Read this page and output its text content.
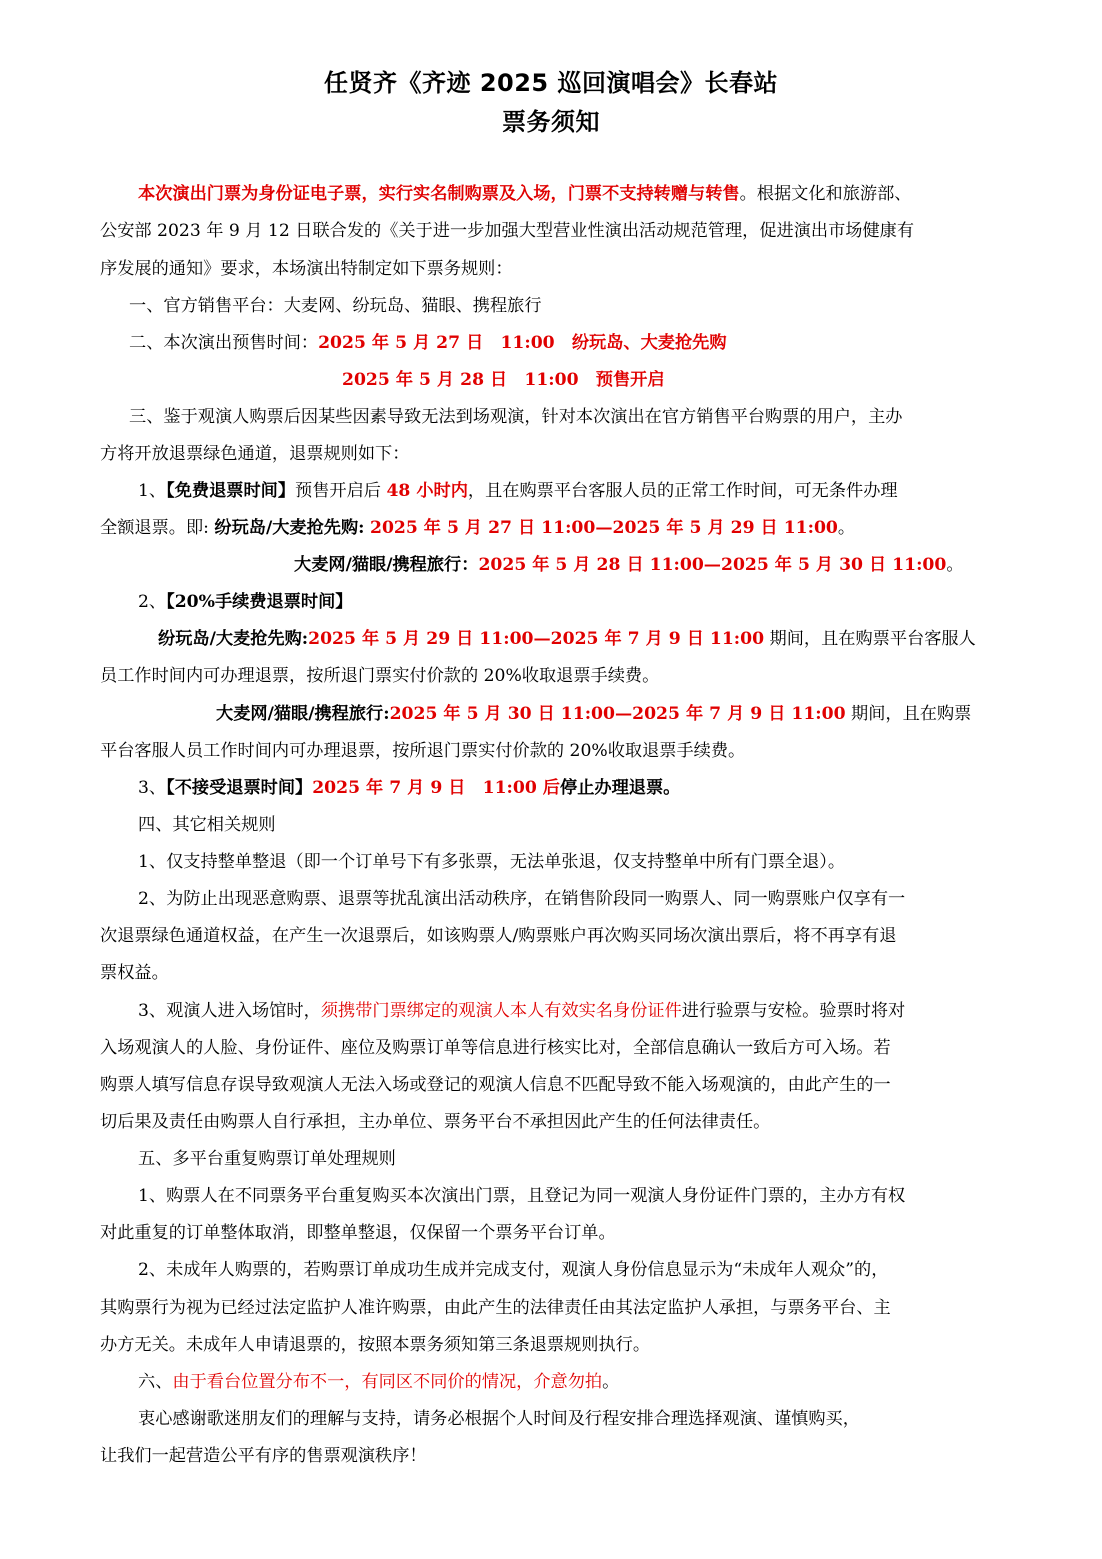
任贤齐《齐迹 2025 巡回演唱会》长春站
票务须知
本次演出门票为身份证电子票，实行实名制购票及入场，门票不支持转赠与转售。根据文化和旅游部、
公安部 2023 年 9 月 12 日联合发的《关于进一步加强大型营业性演出活动规范管理，促进演出市场健康有
序发展的通知》要求，本场演出特制定如下票务规则：
一、官方销售平台：大麦网、纷玩岛、猫眼、携程旅行
二、本次演出预售时间：2025 年 5 月 27 日　11:00　纷玩岛、大麦抢先购
2025 年 5 月 28 日　11:00　预售开启
三、鉴于观演人购票后因某些因素导致无法到场观演，针对本次演出在官方销售平台购票的用户，主办
方将开放退票绿色通道，退票规则如下：
1、【免费退票时间】预售开启后 48 小时内，且在购票平台客服人员的正常工作时间，可无条件办理
全额退票。即: 纷玩岛/大麦抢先购: 2025 年 5 月 27 日 11:00—2025 年 5 月 29 日 11:00。
大麦网/猫眼/携程旅行：2025 年 5 月 28 日 11:00—2025 年 5 月 30 日 11:00。
2、【20%手续费退票时间】
纷玩岛/大麦抢先购:2025 年 5 月 29 日 11:00—2025 年 7 月 9 日 11:00 期间，且在购票平台客服人
员工作时间内可办理退票，按所退门票实付价款的 20%收取退票手续费。
大麦网/猫眼/携程旅行:2025 年 5 月 30 日 11:00—2025 年 7 月 9 日 11:00 期间，且在购票
平台客服人员工作时间内可办理退票，按所退门票实付价款的 20%收取退票手续费。
3、【不接受退票时间】2025 年 7 月 9 日　11:00 后停止办理退票。
四、其它相关规则
1、仅支持整单整退（即一个订单号下有多张票，无法单张退，仅支持整单中所有门票全退）。
2、为防止出现恶意购票、退票等扰乱演出活动秩序，在销售阶段同一购票人、同一购票账户仅享有一
次退票绿色通道权益，在产生一次退票后，如该购票人/购票账户再次购买同场次演出票后，将不再享有退
票权益。
3、观演人进入场馆时，须携带门票绑定的观演人本人有效实名身份证件进行验票与安检。验票时将对
入场观演人的人脸、身份证件、座位及购票订单等信息进行核实比对，全部信息确认一致后方可入场。若
购票人填写信息存误导致观演人无法入场或登记的观演人信息不匹配导致不能入场观演的，由此产生的一
切后果及责任由购票人自行承担，主办单位、票务平台不承担因此产生的任何法律责任。
五、多平台重复购票订单处理规则
1、购票人在不同票务平台重复购买本次演出门票，且登记为同一观演人身份证件门票的，主办方有权
对此重复的订单整体取消，即整单整退，仅保留一个票务平台订单。
2、未成年人购票的，若购票订单成功生成并完成支付，观演人身份信息显示为“未成年人观众”的，
其购票行为视为已经过法定监护人准许购票，由此产生的法律责任由其法定监护人承担，与票务平台、主
办方无关。未成年人申请退票的，按照本票务须知第三条退票规则执行。
六、由于看台位置分布不一，有同区不同价的情况，介意勿拍。
衷心感谢歌迷朋友们的理解与支持，请务必根据个人时间及行程安排合理选择观演、谨慎购买，
让我们一起营造公平有序的售票观演秩序！
